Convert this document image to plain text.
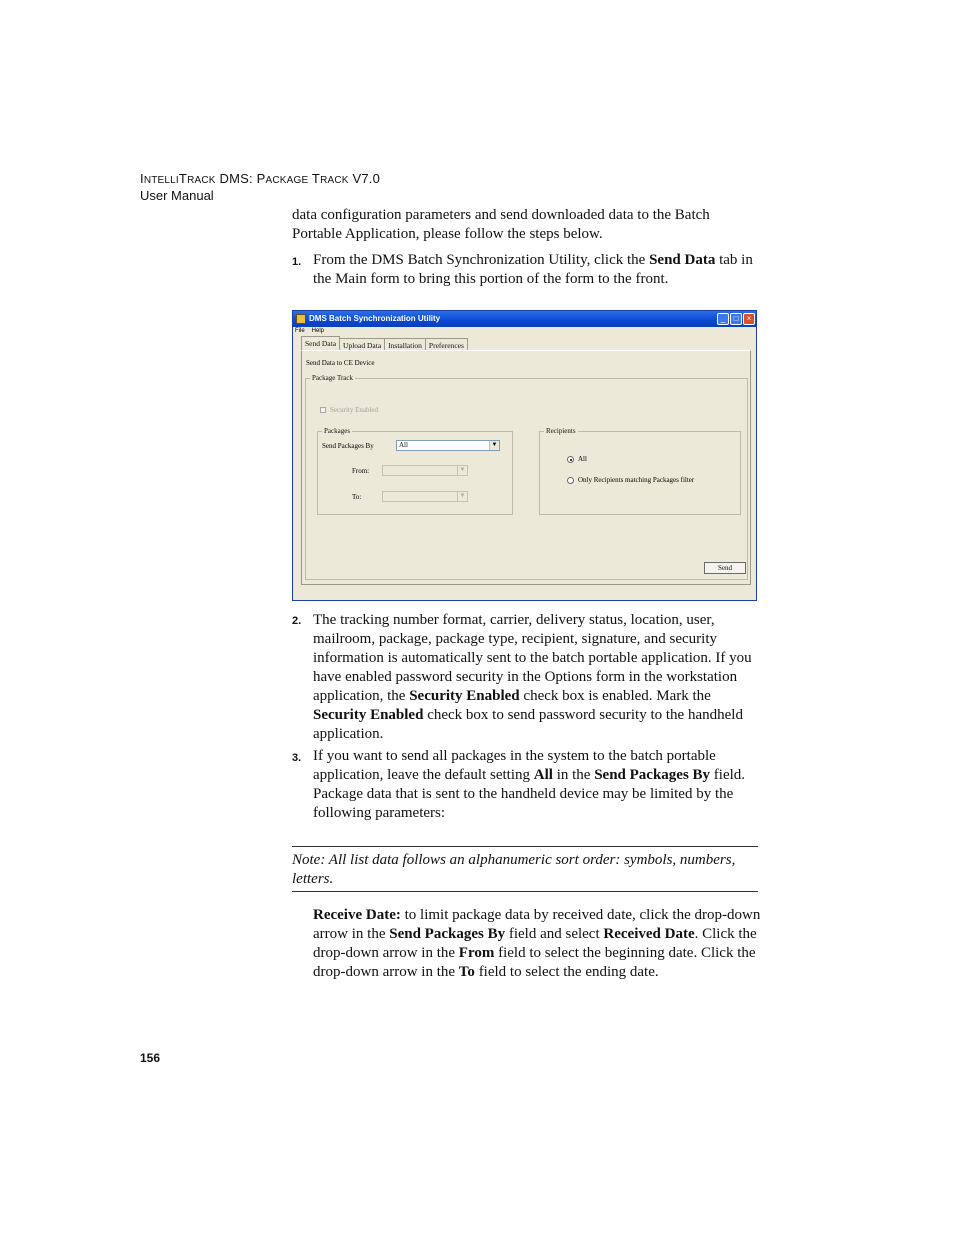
INTELLITRACK DMS: PACKAGE TRACK V7.0
User Manual
data configuration parameters and send downloaded data to the Batch Portable Application, please follow the steps below.
1. From the DMS Batch Synchronization Utility, click the Send Data tab in the Main form to bring this portion of the form to the front.
DMS Batch Synchronization Utility	_	□	×
File Help
Send Data Upload Data Installation Preferences
Send Data to CE Device
Package Track
Security Enabled
Packages
Send Packages By	All	▼
From:	▼
To:	▼
Recipients
All
Only Recipients matching Packages filter
Send
2. The tracking number format, carrier, delivery status, location, user, mailroom, package, package type, recipient, signature, and security information is automatically sent to the batch portable application. If you have enabled password security in the Options form in the workstation application, the Security Enabled check box is enabled. Mark the Security Enabled check box to send password security to the handheld application.
3. If you want to send all packages in the system to the batch portable application, leave the default setting All in the Send Packages By field. Package data that is sent to the handheld device may be limited by the following parameters:
Note: All list data follows an alphanumeric sort order: symbols, numbers, letters.
Receive Date: to limit package data by received date, click the drop-down arrow in the Send Packages By field and select Received Date. Click the drop-down arrow in the From field to select the beginning date. Click the drop-down arrow in the To field to select the ending date.
156
